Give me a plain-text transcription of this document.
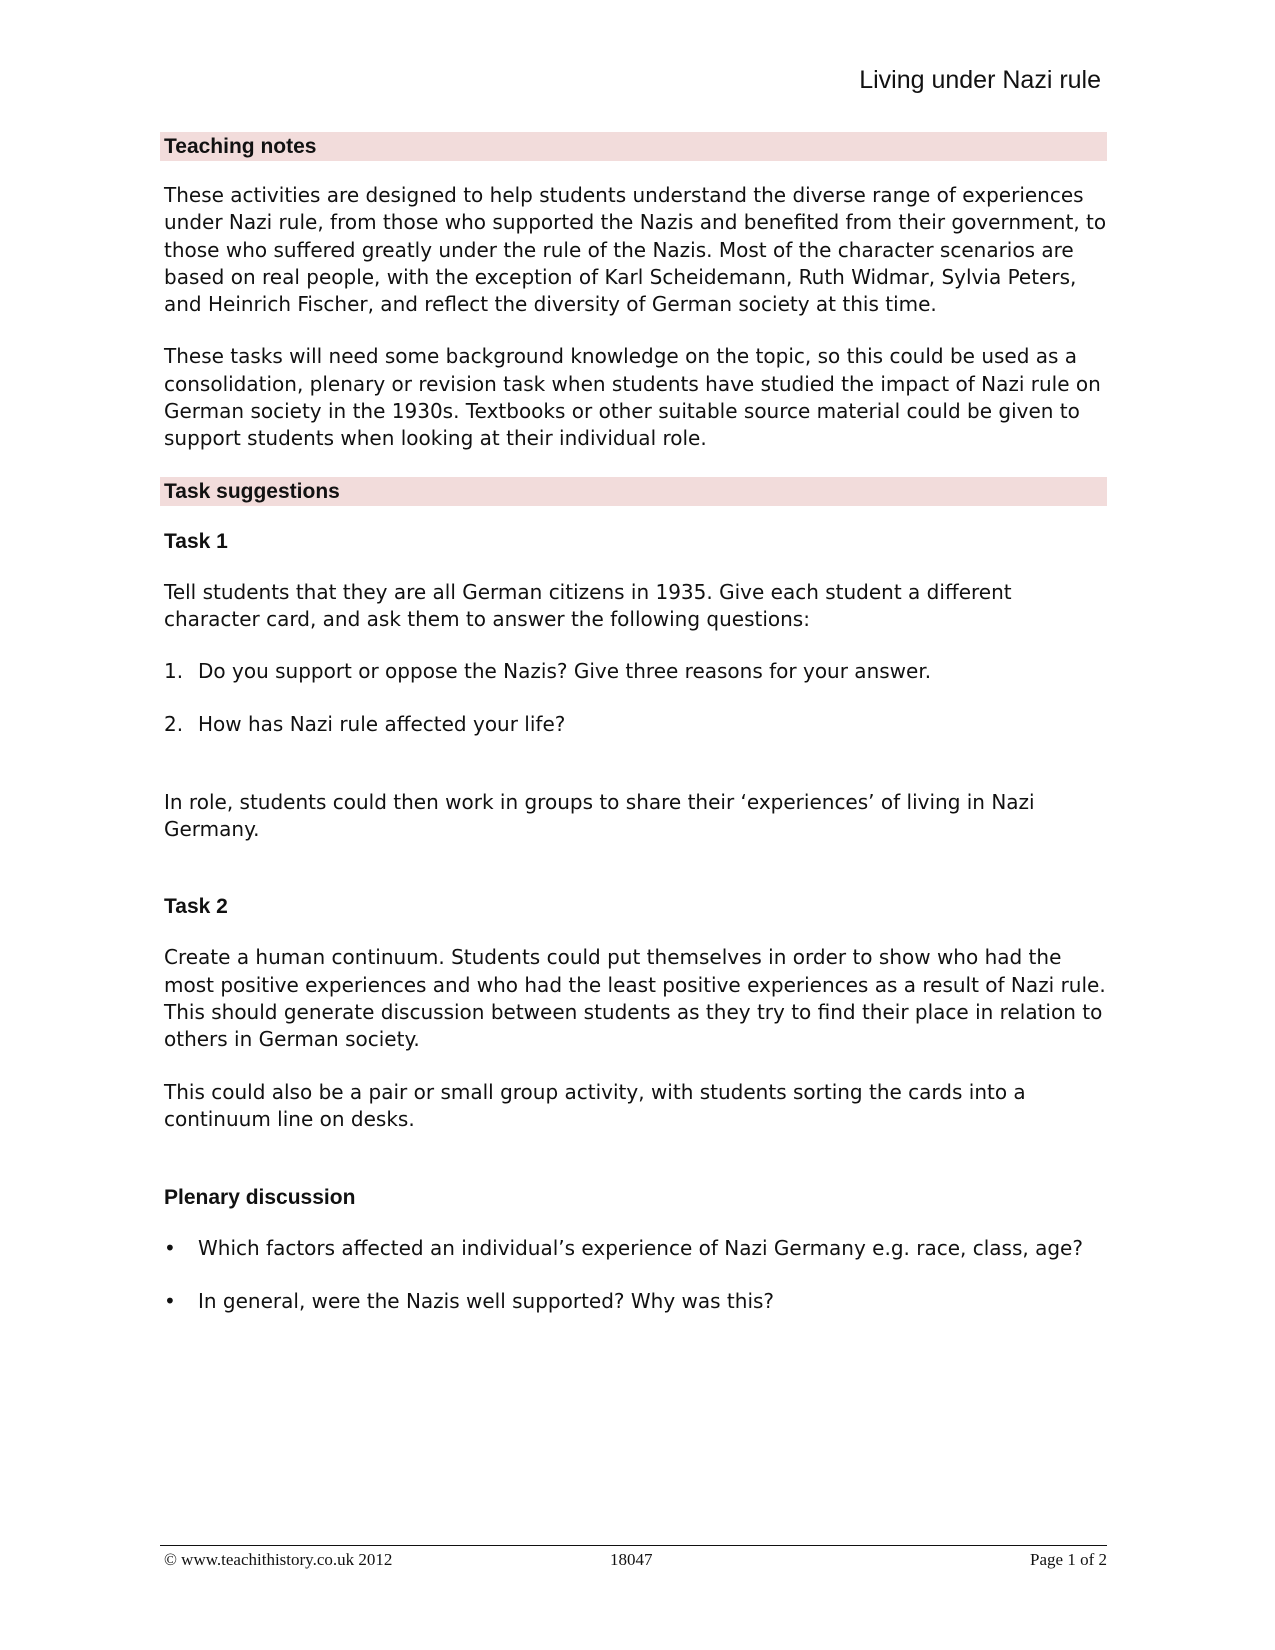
Living under Nazi rule
Teaching notes

These activities are designed to help students understand the diverse range of experiences under Nazi rule, from those who supported the Nazis and benefited from their government, to those who suffered greatly under the rule of the Nazis. Most of the character scenarios are based on real people, with the exception of Karl Scheidemann, Ruth Widmar, Sylvia Peters, and Heinrich Fischer, and reflect the diversity of German society at this time.

These tasks will need some background knowledge on the topic, so this could be used as a consolidation, plenary or revision task when students have studied the impact of Nazi rule on German society in the 1930s. Textbooks or other suitable source material could be given to support students when looking at their individual role.

Task suggestions

Task 1

Tell students that they are all German citizens in 1935. Give each student a different character card, and ask them to answer the following questions:

1. Do you support or oppose the Nazis? Give three reasons for your answer.
2. How has Nazi rule affected your life?

In role, students could then work in groups to share their ‘experiences’ of living in Nazi Germany.

Task 2

Create a human continuum. Students could put themselves in order to show who had the most positive experiences and who had the least positive experiences as a result of Nazi rule. This should generate discussion between students as they try to find their place in relation to others in German society.

This could also be a pair or small group activity, with students sorting the cards into a continuum line on desks.

Plenary discussion

•	Which factors affected an individual’s experience of Nazi Germany e.g. race, class, age?
•	In general, were the Nazis well supported? Why was this?
© www.teachithistory.co.uk 2012	18047	Page 1 of 2
